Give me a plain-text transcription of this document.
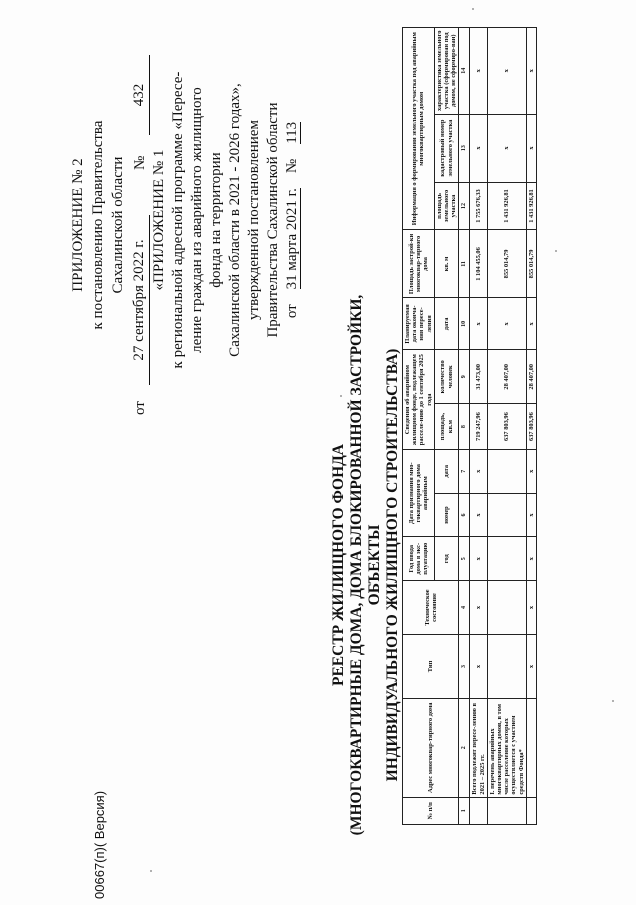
ПРИЛОЖЕНИЕ № 2 к постановлению Правительства Сахалинской области
от
27 сентября 2022 г.
№
432
«ПРИЛОЖЕНИЕ № 1 к региональной адресной программе «Пересе- ление граждан из аварийного жилищного фонда на территории Сахалинской области в 2021 - 2026 годах», утвержденной постановлением Правительства Сахалинской области от    31 марта 2021 г.    №    113
РЕЕСТР ЖИЛИЩНОГО ФОНДА (МНОГОКВАРТИРНЫЕ ДОМА, ДОМА БЛОКИРОВАННОЙ ЗАСТРОЙКИ, ОБЪЕКТЫ ИНДИВИДУАЛЬНОГО ЖИЛИЩНОГО СТРОИТЕЛЬСТВА)
№ п/п	Адрес многоквар-тирного дома	Тип	Техническое состояние	Год ввода дома в экс-плуатацию	Дата признания мно-гоквартирного дома аварийным		Сведения об аварийном жилищном фонде, подлежащем расселе-нию до 1 сентября 2025 года		Планируемая дата оконча-ния пересе-ления	Площадь застрой-ки многоквар-тирного дома	Информация о формировании земельного участка под аварийным многоквартирным домом		
				год	номер	дата	площадь, кв.м	количество человек	дата	кв. м	площадь земельного участка	кадастровый номер земельного участка	характеристика земельного участка (сформирован под домом, не сформиро-ван)
1	2	3	4	5	6	7	8	9	10	11	12	13	14
	Всего подлежит пересе-лению в 2021 – 2025 гг.	х	х	х	х	х	719 247,96	31 473,00	х	1 104 455,06	1 755 676,33	х	х
	I. перечень аварийных многоквартирных домов, в том числе расселение которых осуществляется с участием средств Фонда*						637 803,96	28 407,00	х	855 014,79	1 431 926,81	х	х
		х	х	х	х	х	637 803,96	28 407,00	х	855 014,79	1 431 926,81	х	х
00667(п)( Версия)
